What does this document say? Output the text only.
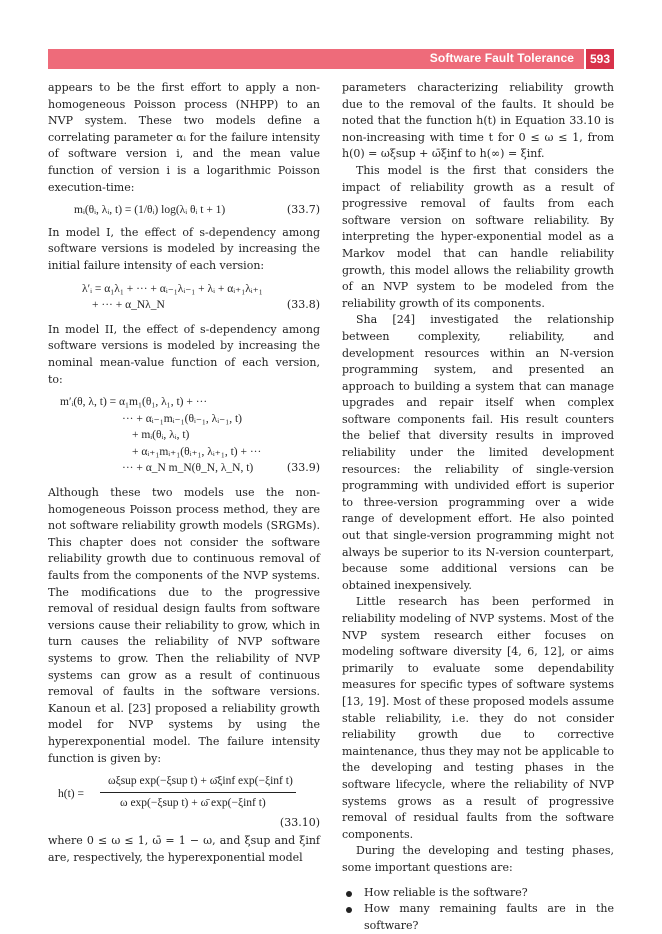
Software Fault Tolerance	593

appears to be the first effort to apply a non-homogeneous Poisson process (NHPP) to an NVP system. These two models define a correlating parameter αᵢ for the failure intensity of software version i, and the mean value function of version i is a logarithmic Poisson execution-time:

mᵢ(θᵢ, λᵢ, t) = (1/θᵢ) log(λᵢ θᵢ t + 1)	(33.7)

In model I, the effect of s-dependency among software versions is modeled by increasing the initial failure intensity of each version:

λ′ᵢ = α₁λ₁ + ··· + αᵢ₋₁λᵢ₋₁ + λᵢ + αᵢ₊₁λᵢ₊₁
+ ··· + α_Nλ_N	(33.8)

In model II, the effect of s-dependency among software versions is modeled by increasing the nominal mean-value function of each version, to:

m′ᵢ(θ, λ, t) = α₁m₁(θ₁, λ₁, t) + ···
··· + αᵢ₋₁mᵢ₋₁(θᵢ₋₁, λᵢ₋₁, t)
+ mᵢ(θᵢ, λᵢ, t)
+ αᵢ₊₁mᵢ₊₁(θᵢ₊₁, λᵢ₊₁, t) + ···
··· + α_N m_N(θ_N, λ_N, t)	(33.9)

Although these two models use the non-homogeneous Poisson process method, they are not software reliability growth models (SRGMs). This chapter does not consider the software reliability growth due to continuous removal of faults from the components of the NVP systems. The modifications due to the progressive removal of residual design faults from software versions cause their reliability to grow, which in turn causes the reliability of NVP software systems to grow. Then the reliability of NVP systems can grow as a result of continuous removal of faults in the software versions. Kanoun et al. [23] proposed a reliability growth model for NVP systems by using the hyperexponential model. The failure intensity function is given by:

h(t) =
ωξsup exp(−ξsup t) + ω̄ξinf exp(−ξinf t)
ω exp(−ξsup t) + ω̄ exp(−ξinf t)
(33.10)

where 0 ≤ ω ≤ 1, ω̄ = 1 − ω, and ξsup and ξinf are, respectively, the hyperexponential model

parameters characterizing reliability growth due to the removal of the faults. It should be noted that the function h(t) in Equation 33.10 is non-increasing with time t for 0 ≤ ω ≤ 1, from h(0) = ωξsup + ω̄ξinf to h(∞) = ξinf.

This model is the first that considers the impact of reliability growth as a result of progressive removal of faults from each software version on software reliability. By interpreting the hyper-exponential model as a Markov model that can handle reliability growth, this model allows the reliability growth of an NVP system to be modeled from the reliability growth of its components.

Sha [24] investigated the relationship between complexity, reliability, and development resources within an N-version programming system, and presented an approach to building a system that can manage upgrades and repair itself when complex software components fail. His result counters the belief that diversity results in improved reliability under the limited development resources: the reliability of single-version programming with undivided effort is superior to three-version programming over a wide range of development effort. He also pointed out that single-version programming might not always be superior to its N-version counterpart, because some additional versions can be obtained inexpensively.

Little research has been performed in reliability modeling of NVP systems. Most of the NVP system research either focuses on modeling software diversity [4, 6, 12], or aims primarily to evaluate some dependability measures for specific types of software systems [13, 19]. Most of these proposed models assume stable reliability, i.e. they do not consider reliability growth due to corrective maintenance, thus they may not be applicable to the developing and testing phases in the software lifecycle, where the reliability of NVP systems grows as a result of progressive removal of residual faults from the software components.

During the developing and testing phases, some important questions are:

How reliable is the software?
How many remaining faults are in the software?
